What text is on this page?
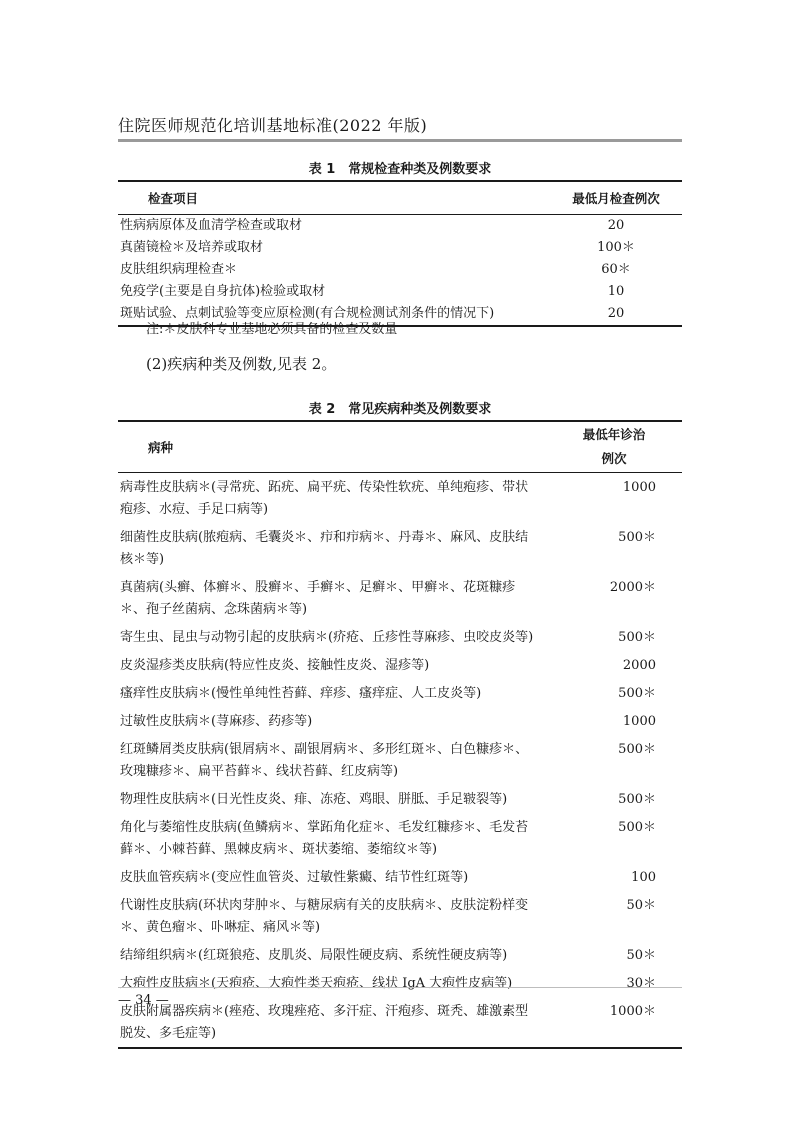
住院医师规范化培训基地标准(2022 年版)
表 1　常规检查种类及例数要求
检查项目	最低月检查例次
性病病原体及血清学检查或取材	20
真菌镜检＊及培养或取材	100＊
皮肤组织病理检查＊	60＊
免疫学(主要是自身抗体)检验或取材	10
斑贴试验、点刺试验等变应原检测(有合规检测试剂条件的情况下)	20
注:＊皮肤科专业基地必须具备的检查及数量
(2)疾病种类及例数,见表 2。
表 2　常见疾病种类及例数要求
病种	最低年诊治
例次

病毒性皮肤病＊(寻常疣、跖疣、扁平疣、传染性软疣、单纯疱疹、带状疱疹、水痘、手足口病等)	1000
细菌性皮肤病(脓疱病、毛囊炎＊、疖和疖病＊、丹毒＊、麻风、皮肤结核＊等)	500＊
真菌病(头癣、体癣＊、股癣＊、手癣＊、足癣＊、甲癣＊、花斑糠疹＊、孢子丝菌病、念珠菌病＊等)	2000＊
寄生虫、昆虫与动物引起的皮肤病＊(疥疮、丘疹性荨麻疹、虫咬皮炎等)	500＊
皮炎湿疹类皮肤病(特应性皮炎、接触性皮炎、湿疹等)	2000
瘙痒性皮肤病＊(慢性单纯性苔藓、痒疹、瘙痒症、人工皮炎等)	500＊
过敏性皮肤病＊(荨麻疹、药疹等)	1000
红斑鳞屑类皮肤病(银屑病＊、副银屑病＊、多形红斑＊、白色糠疹＊、玫瑰糠疹＊、扁平苔藓＊、线状苔藓、红皮病等)	500＊
物理性皮肤病＊(日光性皮炎、痱、冻疮、鸡眼、胼胝、手足皲裂等)	500＊
角化与萎缩性皮肤病(鱼鳞病＊、掌跖角化症＊、毛发红糠疹＊、毛发苔藓＊、小棘苔藓、黑棘皮病＊、斑状萎缩、萎缩纹＊等)	500＊
皮肤血管疾病＊(变应性血管炎、过敏性紫癜、结节性红斑等)	100
代谢性皮肤病(环状肉芽肿＊、与糖尿病有关的皮肤病＊、皮肤淀粉样变＊、黄色瘤＊、卟啉症、痛风＊等)	50＊
结缔组织病＊(红斑狼疮、皮肌炎、局限性硬皮病、系统性硬皮病等)	50＊
大疱性皮肤病＊(天疱疮、大疱性类天疱疮、线状 IgA 大疱性皮病等)	30＊
皮肤附属器疾病＊(痤疮、玫瑰痤疮、多汗症、汗疱疹、斑秃、雄激素型脱发、多毛症等)	1000＊
— 34 —
